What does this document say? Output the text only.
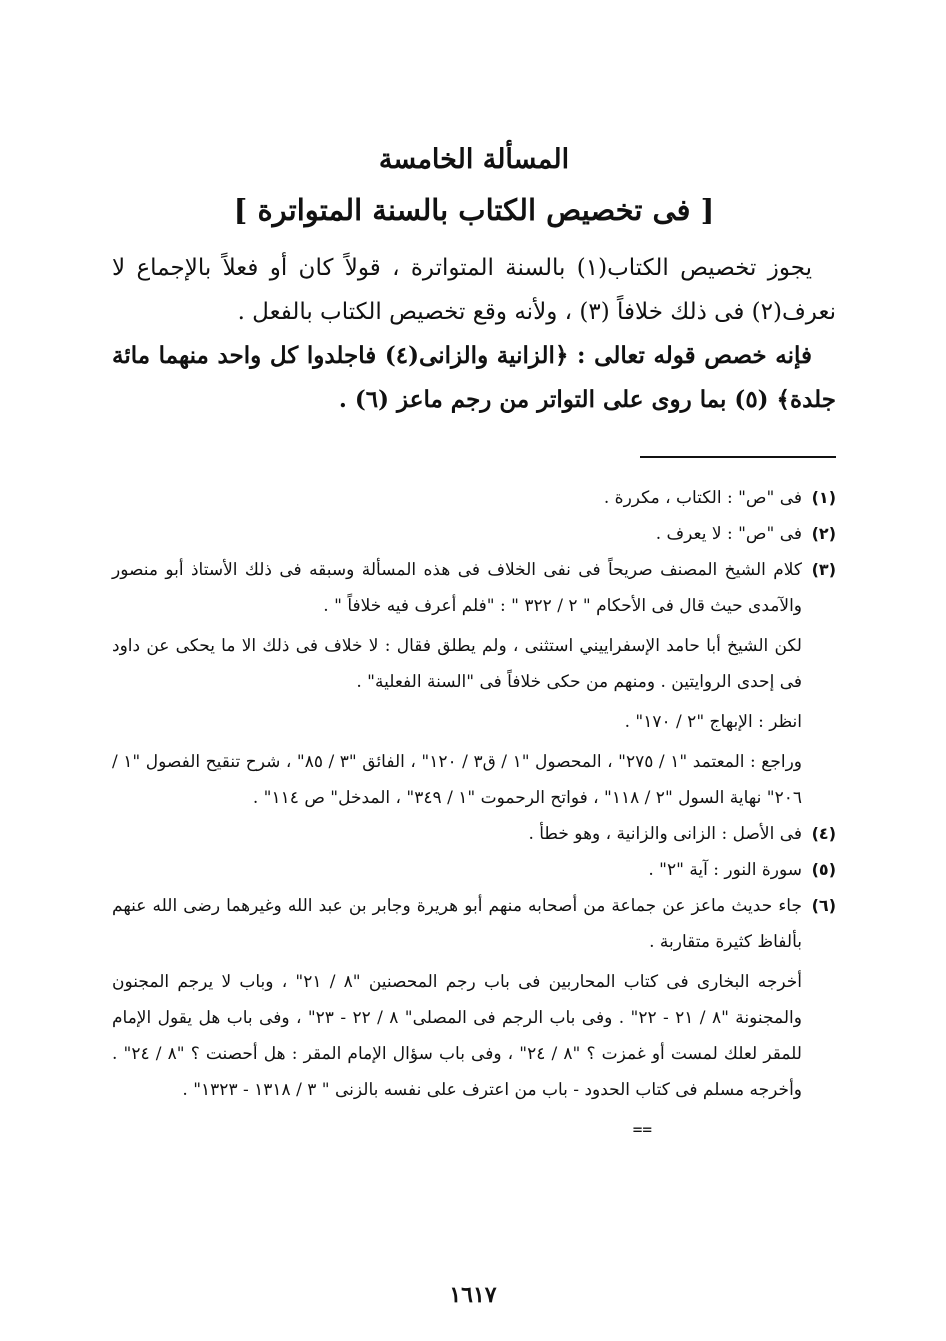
المسألة الخامسة
[ فى تخصيص الكتاب بالسنة المتواترة ]

يجوز تخصيص الكتاب(١) بالسنة المتواترة ، قولاً كان أو فعلاً بالإجماع لا نعرف(٢) فى ذلك خلافاً (٣) ، ولأنه وقع تخصيص الكتاب بالفعل .

فإنه خصص قوله تعالى : ﴿الزانية والزانى(٤) فاجلدوا كل واحد منهما مائة جلدة﴾ (٥) بما روى على التواتر من رجم ماعز (٦) .

(١)

فى "ص" : الكتاب ، مكررة .

(٢)

فى "ص" : لا يعرف .

(٣)

كلام الشيخ المصنف صريحاً فى نفى الخلاف فى هذه المسألة وسبقه فى ذلك الأستاذ أبو منصور والآمدى حيث قال فى الأحكام " ٢ / ٣٢٢ " : "فلم أعرف فيه خلافاً " .

لكن الشيخ أبا حامد الإسفراييني استثنى ، ولم يطلق فقال : لا خلاف فى ذلك الا ما يحكى عن داود فى إحدى الروايتين . ومنهم من حكى خلافاً فى "السنة الفعلية" .

انظر : الإبهاج "٢ / ١٧٠" .

وراجع : المعتمد "١ / ٢٧٥" ، المحصول "١ / ق٣ / ١٢٠" ، الفائق "٣ / ٨٥" ، شرح تنقيح الفصول "١ / ٢٠٦" نهاية السول "٢ / ١١٨" ، فواتح الرحموت "١ / ٣٤٩" ، المدخل" ص ١١٤" .

(٤)

فى الأصل : الزانى والزانية ، وهو خطأ .

(٥)

سورة النور : آية "٢" .

(٦)

جاء حديث ماعز عن جماعة من أصحابه منهم أبو هريرة وجابر بن عبد الله وغيرهما رضى الله عنهم بألفاظ كثيرة متقاربة .

أخرجه البخارى فى كتاب المحاربين فى باب رجم المحصنين "٨ / ٢١" ، وباب لا يرجم المجنون والمجنونة "٨ / ٢١ - ٢٢" . وفى باب الرجم فى المصلى" ٨ / ٢٢ - ٢٣" ، وفى باب هل يقول الإمام للمقر لعلك لمست أو غمزت ؟ "٨ / ٢٤" ، وفى باب سؤال الإمام المقر : هل أحصنت ؟ "٨ / ٢٤" . وأخرجه مسلم فى كتاب الحدود - باب من اعترف على نفسه بالزنى " ٣ / ١٣١٨ - ١٣٢٣" .

==

١٦١٧
